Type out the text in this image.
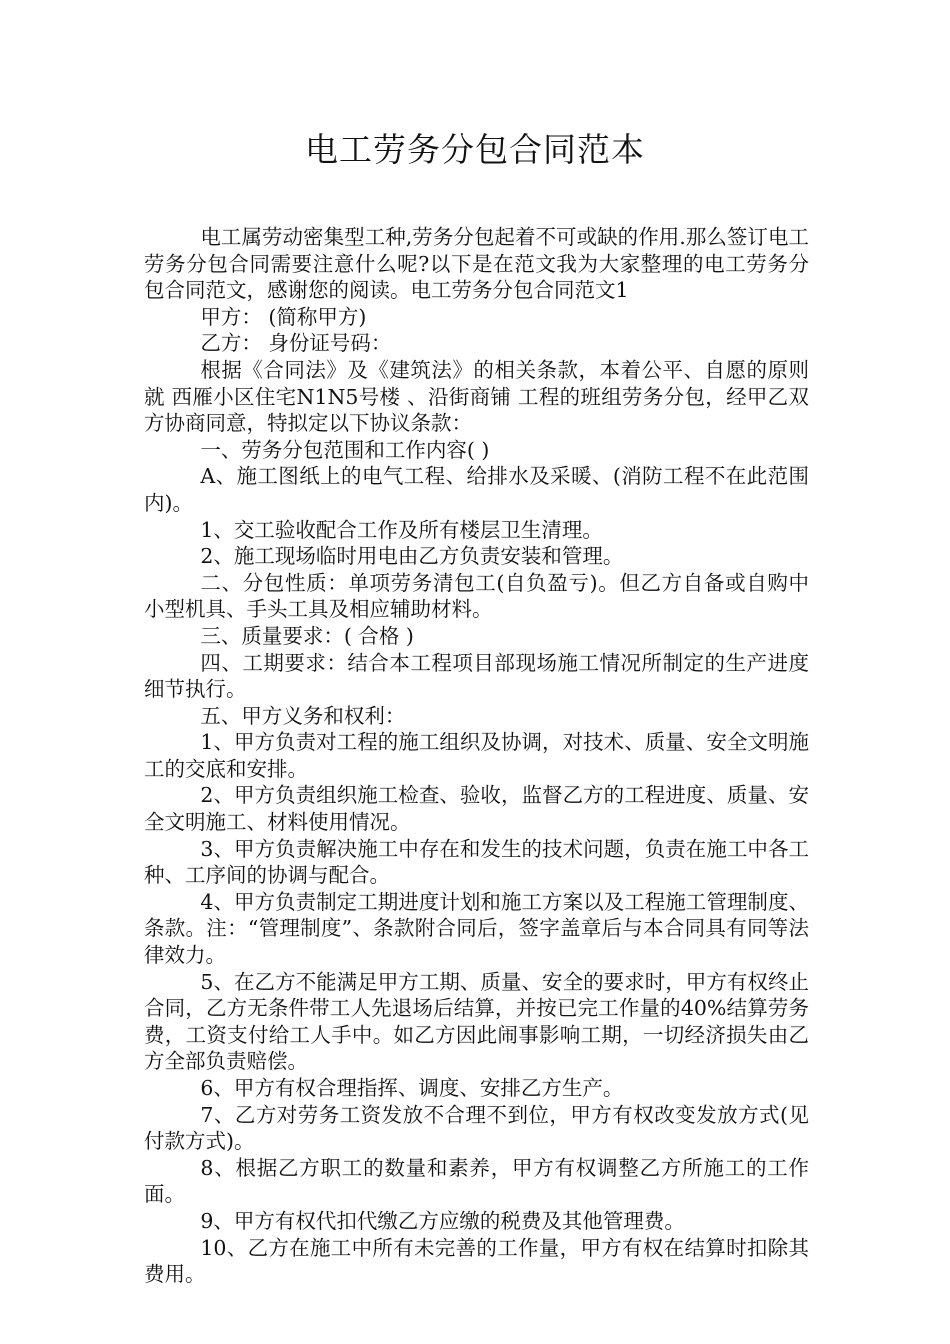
电工劳务分包合同范本

电工属劳动密集型工种,劳务分包起着不可或缺的作用.那么签订电工劳务分包合同需要注意什么呢?以下是在范文我为大家整理的电工劳务分包合同范文，感谢您的阅读。电工劳务分包合同范文1

甲方： (简称甲方)

乙方： 身份证号码：

根据《合同法》及《建筑法》的相关条款，本着公平、自愿的原则就 西雁小区住宅N1N5号楼 、沿街商铺 工程的班组劳务分包，经甲乙双方协商同意，特拟定以下协议条款：

一、劳务分包范围和工作内容( )

A、施工图纸上的电气工程、给排水及采暖、(消防工程不在此范围内)。

1、交工验收配合工作及所有楼层卫生清理。

2、施工现场临时用电由乙方负责安装和管理。

二、分包性质：单项劳务清包工(自负盈亏)。但乙方自备或自购中小型机具、手头工具及相应辅助材料。

三、质量要求：( 合格 )

四、工期要求：结合本工程项目部现场施工情况所制定的生产进度细节执行。

五、甲方义务和权利：

1、甲方负责对工程的施工组织及协调，对技术、质量、安全文明施工的交底和安排。

2、甲方负责组织施工检查、验收，监督乙方的工程进度、质量、安全文明施工、材料使用情况。

3、甲方负责解决施工中存在和发生的技术问题，负责在施工中各工种、工序间的协调与配合。

4、甲方负责制定工期进度计划和施工方案以及工程施工管理制度、条款。注：“管理制度”、条款附合同后，签字盖章后与本合同具有同等法律效力。

5、在乙方不能满足甲方工期、质量、安全的要求时，甲方有权终止合同，乙方无条件带工人先退场后结算，并按已完工作量的40%结算劳务费，工资支付给工人手中。如乙方因此闹事影响工期，一切经济损失由乙方全部负责赔偿。

6、甲方有权合理指挥、调度、安排乙方生产。

7、乙方对劳务工资发放不合理不到位，甲方有权改变发放方式(见付款方式)。

8、根据乙方职工的数量和素养，甲方有权调整乙方所施工的工作面。

9、甲方有权代扣代缴乙方应缴的税费及其他管理费。

10、乙方在施工中所有未完善的工作量，甲方有权在结算时扣除其费用。
